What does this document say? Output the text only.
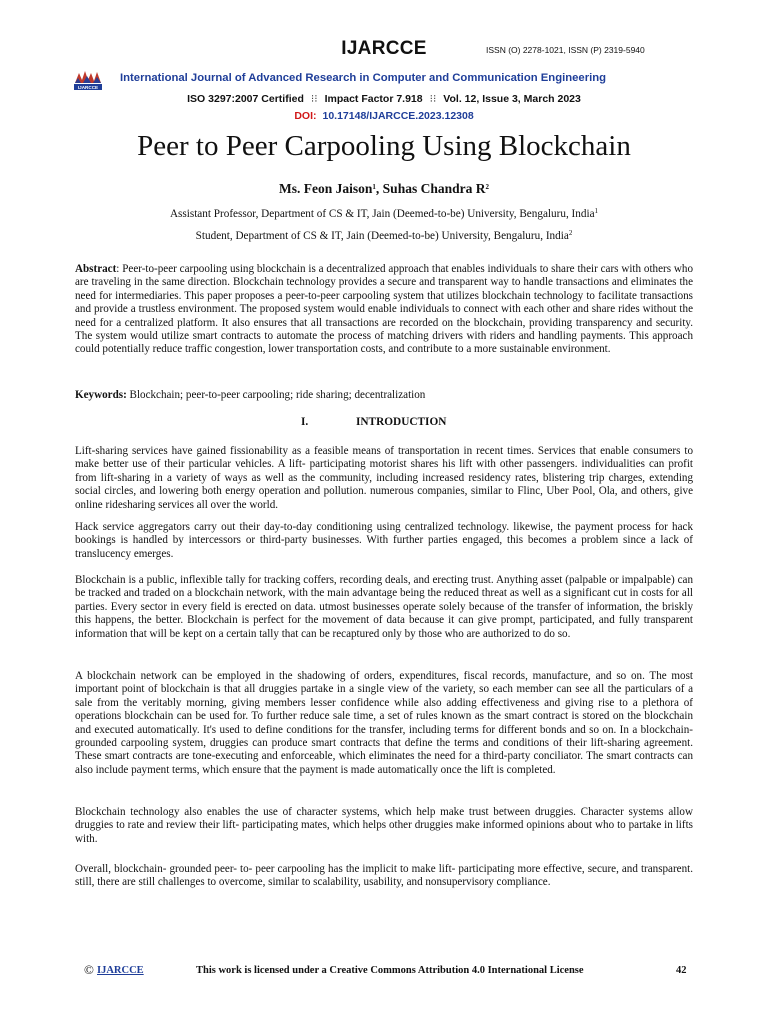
IJARCCE	ISSN (O) 2278-1021, ISSN (P) 2319-5940
IJARCCE
International Journal of Advanced Research in Computer and Communication Engineering
ISO 3297:2007 Certified ⁝⁝ Impact Factor 7.918 ⁝⁝ Vol. 12, Issue 3, March 2023
DOI: 10.17148/IJARCCE.2023.12308
Peer to Peer Carpooling Using Blockchain
Ms. Feon Jaison$^1$, Suhas Chandra $R^2$
Assistant Professor, Department of CS & IT, Jain (Deemed-to-be) University, Bengaluru, India$^1$
Student, Department of CS & IT, Jain (Deemed-to-be) University, Bengaluru, India$^2$
Abstract: Peer-to-peer carpooling using blockchain is a decentralized approach that enables individuals to share their cars with others who are traveling in the same direction. Blockchain technology provides a secure and transparent way to handle transactions and eliminates the need for intermediaries. This paper proposes a peer-to-peer carpooling system that utilizes blockchain technology to facilitate transactions and provide a trustless environment. The proposed system would enable individuals to connect with each other and share rides without the need for a centralized platform. It also ensures that all transactions are recorded on the blockchain, providing transparency and security. The system would utilize smart contracts to automate the process of matching drivers with riders and handling payments. This approach could potentially reduce traffic congestion, lower transportation costs, and contribute to a more sustainable environment.
Keywords: Blockchain; peer-to-peer carpooling; ride sharing; decentralization
I.	INTRODUCTION
Lift-sharing services have gained fissionability as a feasible means of transportation in recent times. Services that enable consumers to make better use of their particular vehicles. A lift- participating motorist shares his lift with other passengers. individualities can profit from lift-sharing in a variety of ways as well as the community, including increased residency rates, blistering trip charges, extending social circles, and lowering both energy operation and pollution. numerous companies, similar to Flinc, Uber Pool, Ola, and others, give online ridesharing services all over the world.
Hack service aggregators carry out their day-to-day conditioning using centralized technology. likewise, the payment process for hack bookings is handled by intercessors or third-party businesses. With further parties engaged, this becomes a problem since a lack of translucency emerges.
Blockchain is a public, inflexible tally for tracking coffers, recording deals, and erecting trust. Anything asset (palpable or impalpable) can be tracked and traded on a blockchain network, with the main advantage being the reduced threat as well as a significant cut in costs for all parties. Every sector in every field is erected on data. utmost businesses operate solely because of the transfer of information, the briskly this happens, the better. Blockchain is perfect for the movement of data because it can give prompt, participated, and fully transparent information that will be kept on a certain tally that can be recaptured only by those who are authorized to do so.
A blockchain network can be employed in the shadowing of orders, expenditures, fiscal records, manufacture, and so on. The most important point of blockchain is that all druggies partake in a single view of the variety, so each member can see all the particulars of a sale from the veritably morning, giving members lesser confidence while also adding effectiveness and giving rise to a plethora of operations blockchain can be used for. To further reduce sale time, a set of rules known as the smart contract is stored on the blockchain and executed automatically. It's used to define conditions for the transfer, including terms for different bonds and so on. In a blockchain-grounded carpooling system, druggies can produce smart contracts that define the terms and conditions of their lift-sharing agreement. These smart contracts are tone-executing and enforceable, which eliminates the need for a third-party conciliator. The smart contracts can also include payment terms, which ensure that the payment is made automatically once the lift is completed.
Blockchain technology also enables the use of character systems, which help make trust between druggies. Character systems allow druggies to rate and review their lift- participating mates, which helps other druggies make informed opinions about who to partake in lifts with.
Overall, blockchain- grounded peer- to- peer carpooling has the implicit to make lift- participating more effective, secure, and transparent. still, there are still challenges to overcome, similar to scalability, usability, and nonsupervisory compliance.
© IJARCCE	This work is licensed under a Creative Commons Attribution 4.0 International License	42
